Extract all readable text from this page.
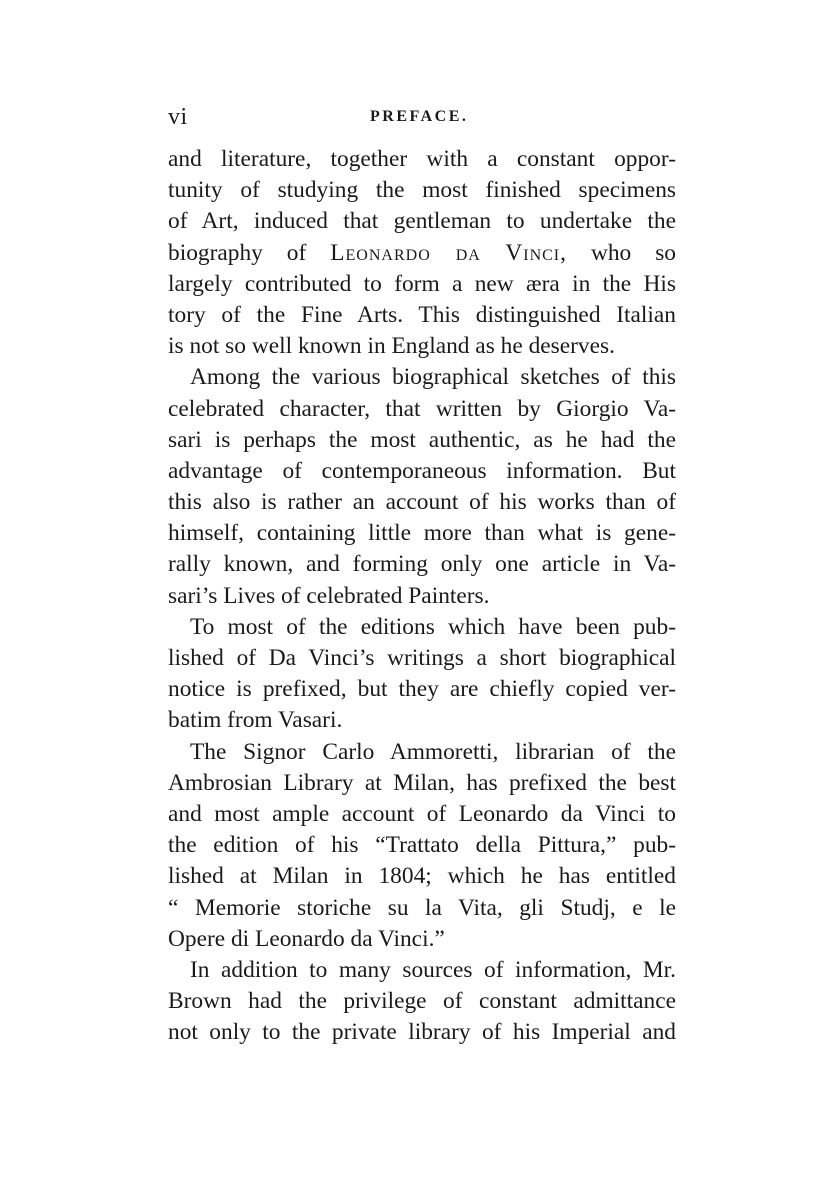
vi	PREFACE.
and literature, together with a constant oppor-
tunity of studying the most finished specimens
of Art, induced that gentleman to undertake the
biography of Leonardo da Vinci, who so
largely contributed to form a new æra in the His
tory of the Fine Arts. This distinguished Italian
is not so well known in England as he deserves.
Among the various biographical sketches of this
celebrated character, that written by Giorgio Va-
sari is perhaps the most authentic, as he had the
advantage of contemporaneous information. But
this also is rather an account of his works than of
himself, containing little more than what is gene-
rally known, and forming only one article in Va-
sari’s Lives of celebrated Painters.
To most of the editions which have been pub-
lished of Da Vinci’s writings a short biographical
notice is prefixed, but they are chiefly copied ver-
batim from Vasari.
The Signor Carlo Ammoretti, librarian of the
Ambrosian Library at Milan, has prefixed the best
and most ample account of Leonardo da Vinci to
the edition of his “Trattato della Pittura,” pub-
lished at Milan in 1804; which he has entitled
“ Memorie storiche su la Vita, gli Studj, e le
Opere di Leonardo da Vinci.”
In addition to many sources of information, Mr.
Brown had the privilege of constant admittance
not only to the private library of his Imperial and
